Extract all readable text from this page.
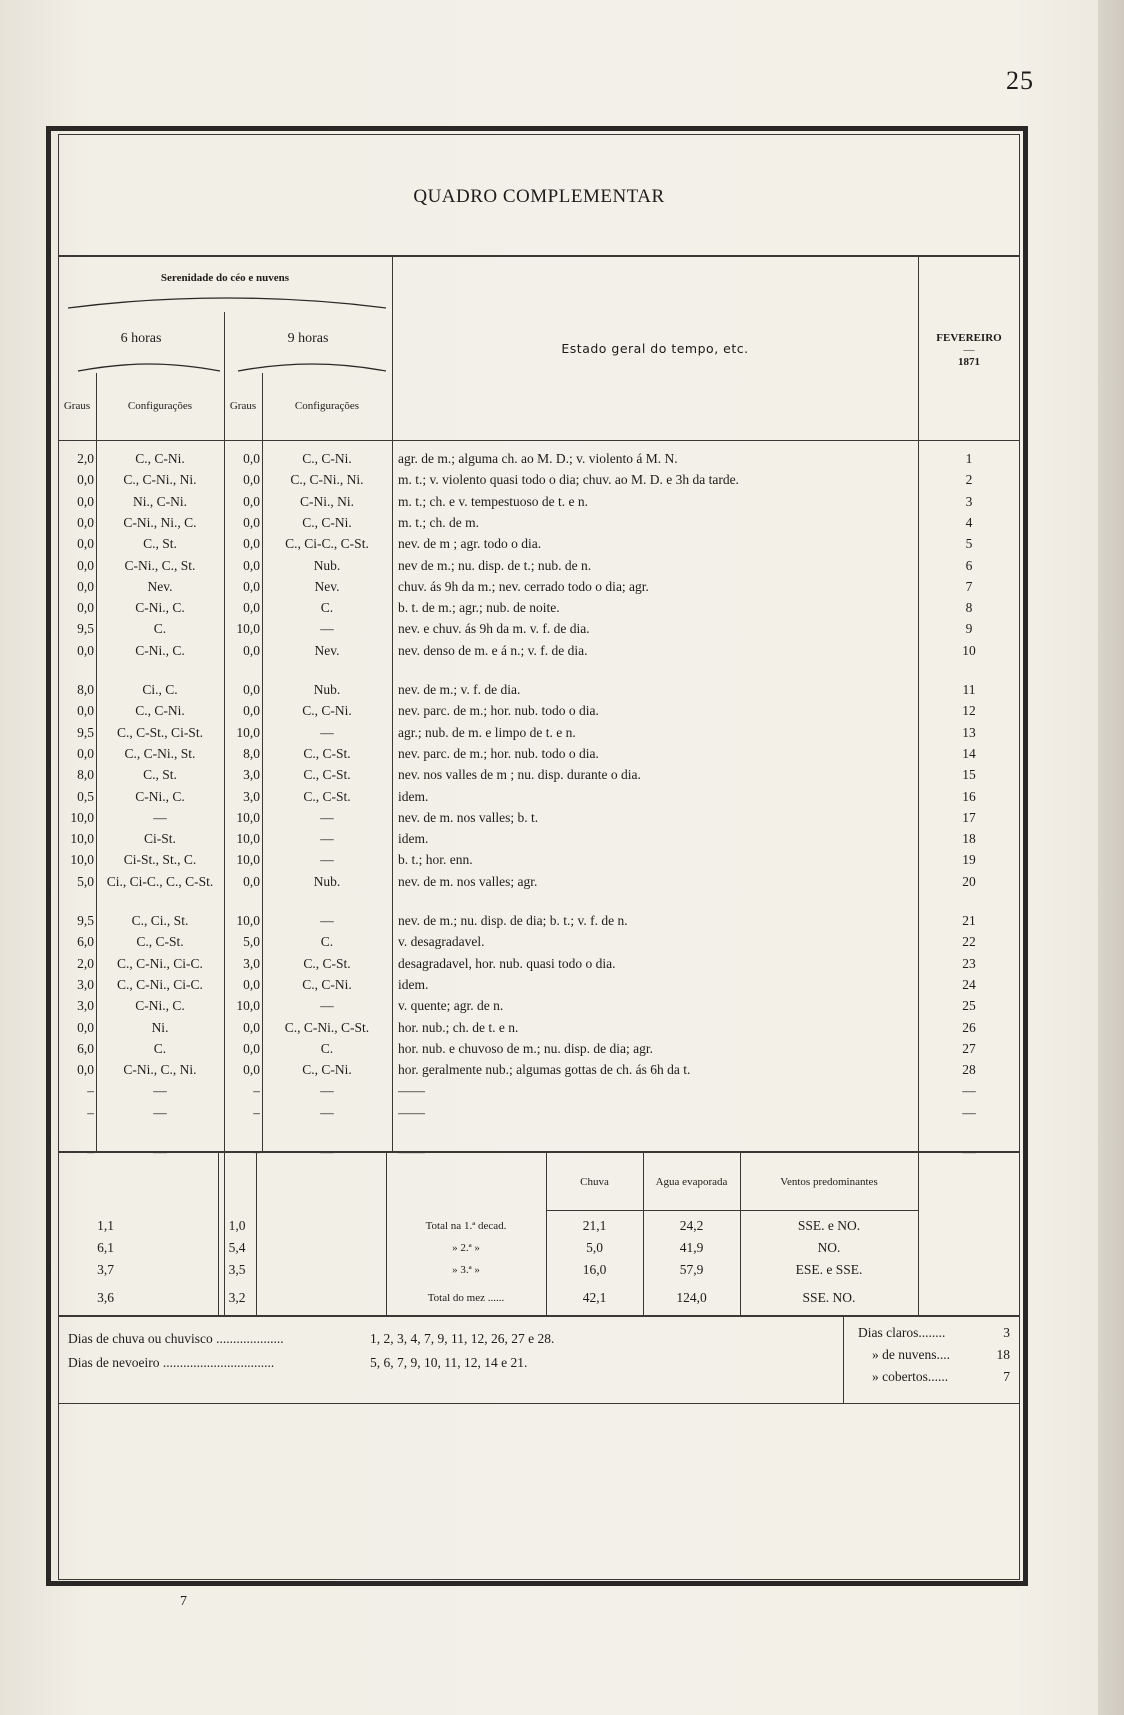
25
QUADRO COMPLEMENTAR
Serenidade do céo e nuvens
6 horas	9 horas
Graus	Configurações	Graus	Configurações
Estado geral do tempo, etc.
FEVEREIRO
—
1871
2,0	C., C-Ni.	0,0	C., C-Ni.	agr. de m.; alguma ch. ao M. D.; v. violento á M. N.	1
0,0	C., C-Ni., Ni.	0,0	C., C-Ni., Ni.	m. t.; v. violento quasi todo o dia; chuv. ao M. D. e 3h da tarde.	2
0,0	Ni., C-Ni.	0,0	C-Ni., Ni.	m. t.; ch. e v. tempestuoso de t. e n.	3
0,0	C-Ni., Ni., C.	0,0	C., C-Ni.	m. t.; ch. de m.	4
0,0	C., St.	0,0	C., Ci-C., C-St.	nev. de m ; agr. todo o dia.	5
0,0	C-Ni., C., St.	0,0	Nub.	nev de m.; nu. disp. de t.; nub. de n.	6
0,0	Nev.	0,0	Nev.	chuv. ás 9h da m.; nev. cerrado todo o dia; agr.	7
0,0	C-Ni., C.	0,0	C.	b. t. de m.; agr.; nub. de noite.	8
9,5	C.	10,0	—	nev. e chuv. ás 9h da m. v. f. de dia.	9
0,0	C-Ni., C.	0,0	Nev.	nev. denso de m. e á n.; v. f. de dia.	10
8,0	Ci., C.	0,0	Nub.	nev. de m.; v. f. de dia.	11
0,0	C., C-Ni.	0,0	C., C-Ni.	nev. parc. de m.; hor. nub. todo o dia.	12
9,5	C., C-St., Ci-St.	10,0	—	agr.; nub. de m. e limpo de t. e n.	13
0,0	C., C-Ni., St.	8,0	C., C-St.	nev. parc. de m.; hor. nub. todo o dia.	14
8,0	C., St.	3,0	C., C-St.	nev. nos valles de m ; nu. disp. durante o dia.	15
0,5	C-Ni., C.	3,0	C., C-St.	idem.	16
10,0	—	10,0	—	nev. de m. nos valles; b. t.	17
10,0	Ci-St.	10,0	—	idem.	18
10,0	Ci-St., St., C.	10,0	—	b. t.; hor. enn.	19
5,0 Ci., Ci-C., C., C-St.	0,0	Nub.	nev. de m. nos valles; agr.	20
9,5	C., Ci., St.	10,0	—	nev. de m.; nu. disp. de dia; b. t.; v. f. de n.	21
6,0	C., C-St.	5,0	C.	v. desagradavel.	22
2,0	C., C-Ni., Ci-C.	3,0	C., C-St.	desagradavel, hor. nub. quasi todo o dia.	23
3,0	C., C-Ni., Ci-C.	0,0	C., C-Ni.	idem.	24
3,0	C-Ni., C.	10,0	—	v. quente; agr. de n.	25
0,0	Ni.	0,0	C., C-Ni., C-St.	hor. nub.; ch. de t. e n.	26
6,0	C.	0,0	C.	hor. nub. e chuvoso de m.; nu. disp. de dia; agr.	27
0,0	C-Ni., C., Ni.	0,0	C., C-Ni.	hor. geralmente nub.; algumas gottas de ch. ás 6h da t.	28
–	—	–	—	——	—
–	—	–	—	——	—
–	—	–	—	——	—
Chuva	Agua evaporada	Ventos predominantes
1,1	1,0	Total na 1.ª decad.	21,1	24,2	SSE. e NO.
6,1	5,4	» 2.ª »	5,0	41,9	NO.
3,7	3,5	» 3.ª »	16,0	57,9	ESE. e SSE.
3,6	3,2	Total do mez ......	42,1	124,0	SSE. NO.
Dias de chuva ou chuvisco ....................	1, 2, 3, 4, 7, 9, 11, 12, 26, 27 e 28.
Dias de nevoeiro .................................	5, 6, 7, 9, 10, 11, 12, 14 e 21.
Dias claros........	3
» de nuvens....	18
» cobertos......	7
7
